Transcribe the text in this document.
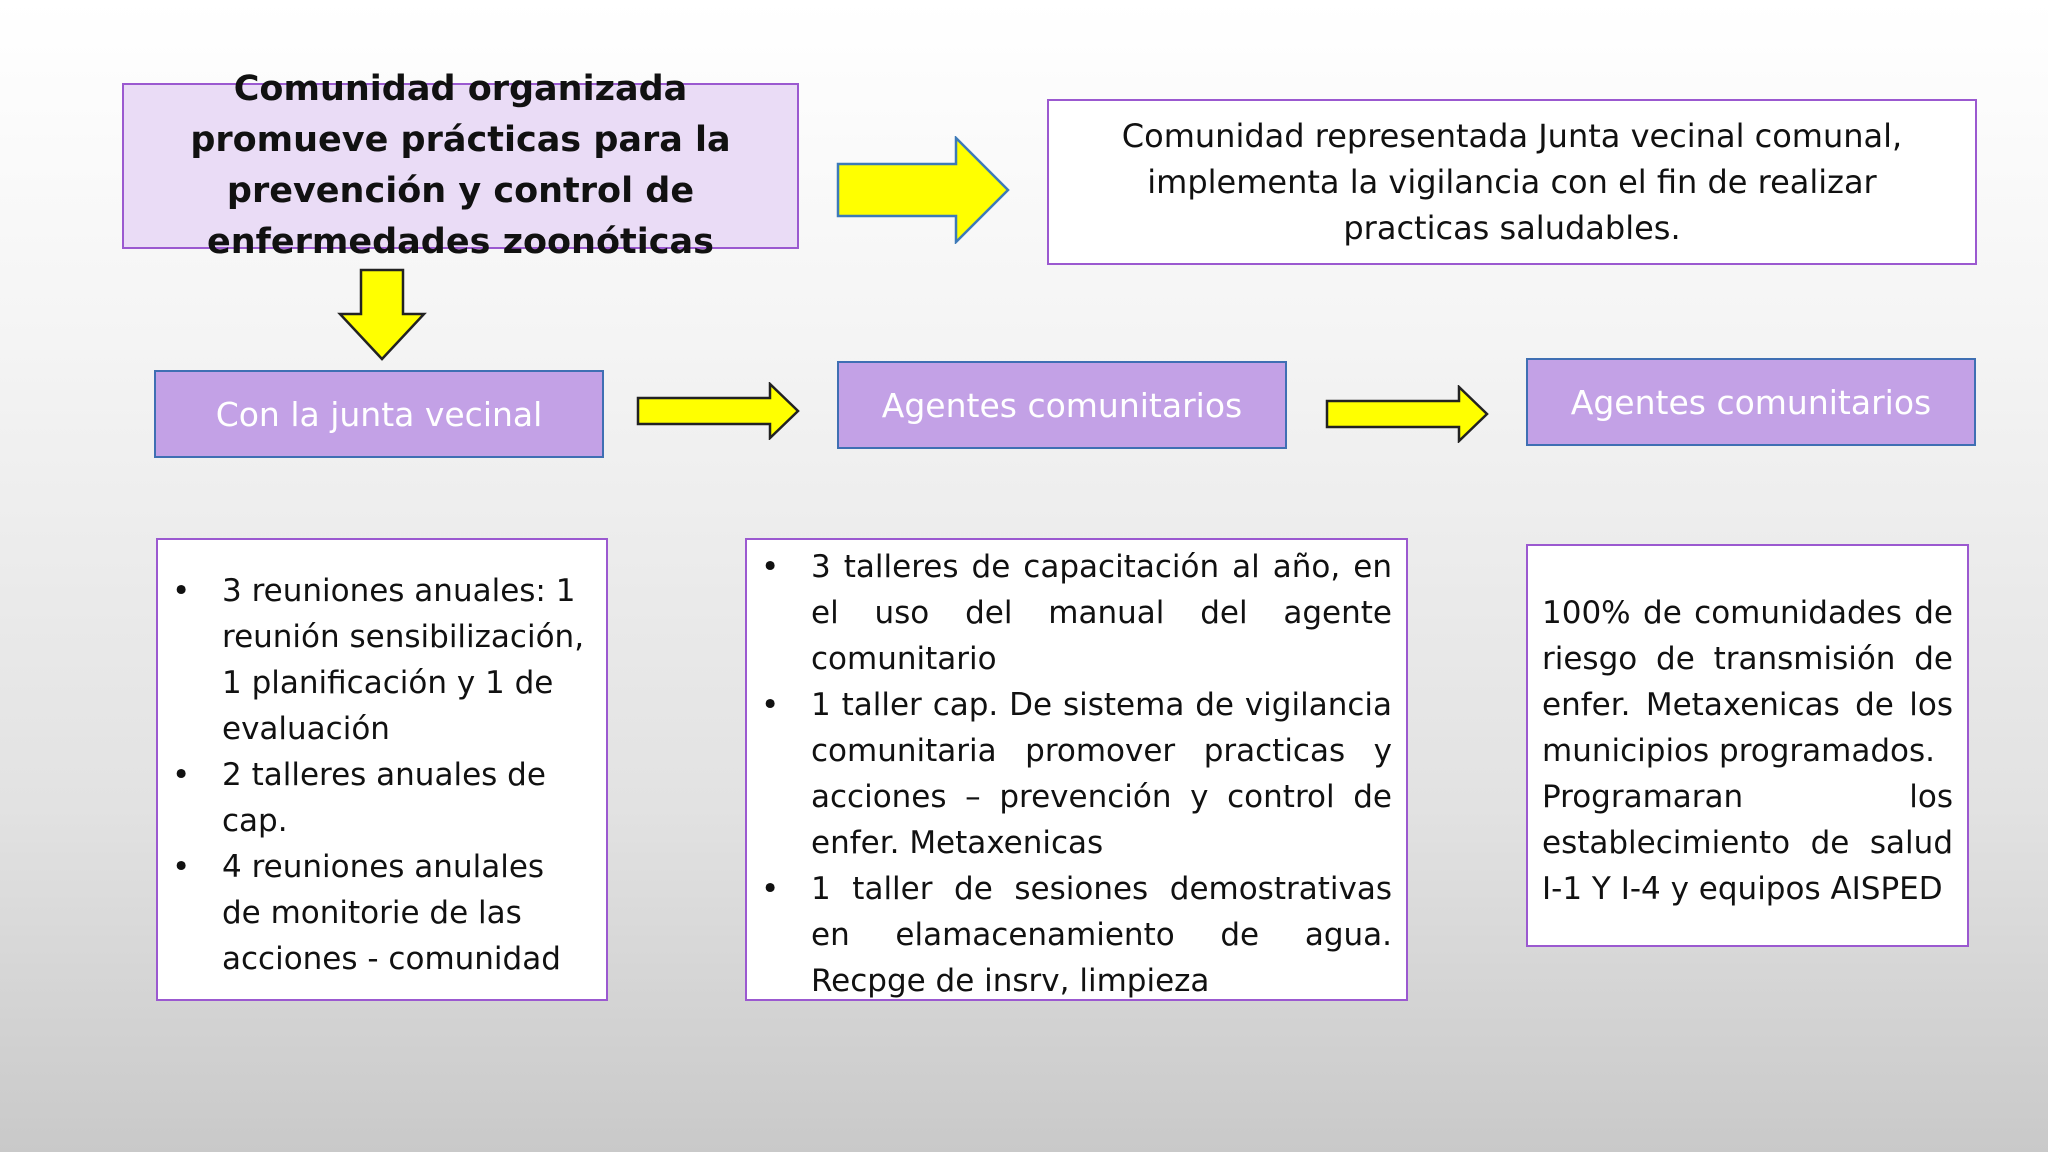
Comunidad organizada promueve prácticas para la prevención y control de enfermedades zoonóticas
Comunidad representada Junta vecinal comunal, implementa la vigilancia con el fin de realizar practicas saludables.
Con la junta vecinal	Agentes comunitarios	Agentes comunitarios
• 3 reuniones anuales: 1 reunión sensibilización, 1 planificación y 1 de evaluación
• 2 talleres anuales de cap.
• 4 reuniones anulales de monitorie de las acciones - comunidad
• 3 talleres de capacitación al año, en el uso del manual del agente comunitario
• 1 taller cap. De sistema de vigilancia comunitaria promover practicas y acciones – prevención y control de enfer. Metaxenicas
• 1 taller de sesiones demostrativas en elamacenamiento de agua. Recpge de insrv, limpieza
100% de comunidades de riesgo de transmisión de enfer. Metaxenicas de los municipios programados.
Programaran los establecimiento de salud I-1 Y I-4 y equipos AISPED
